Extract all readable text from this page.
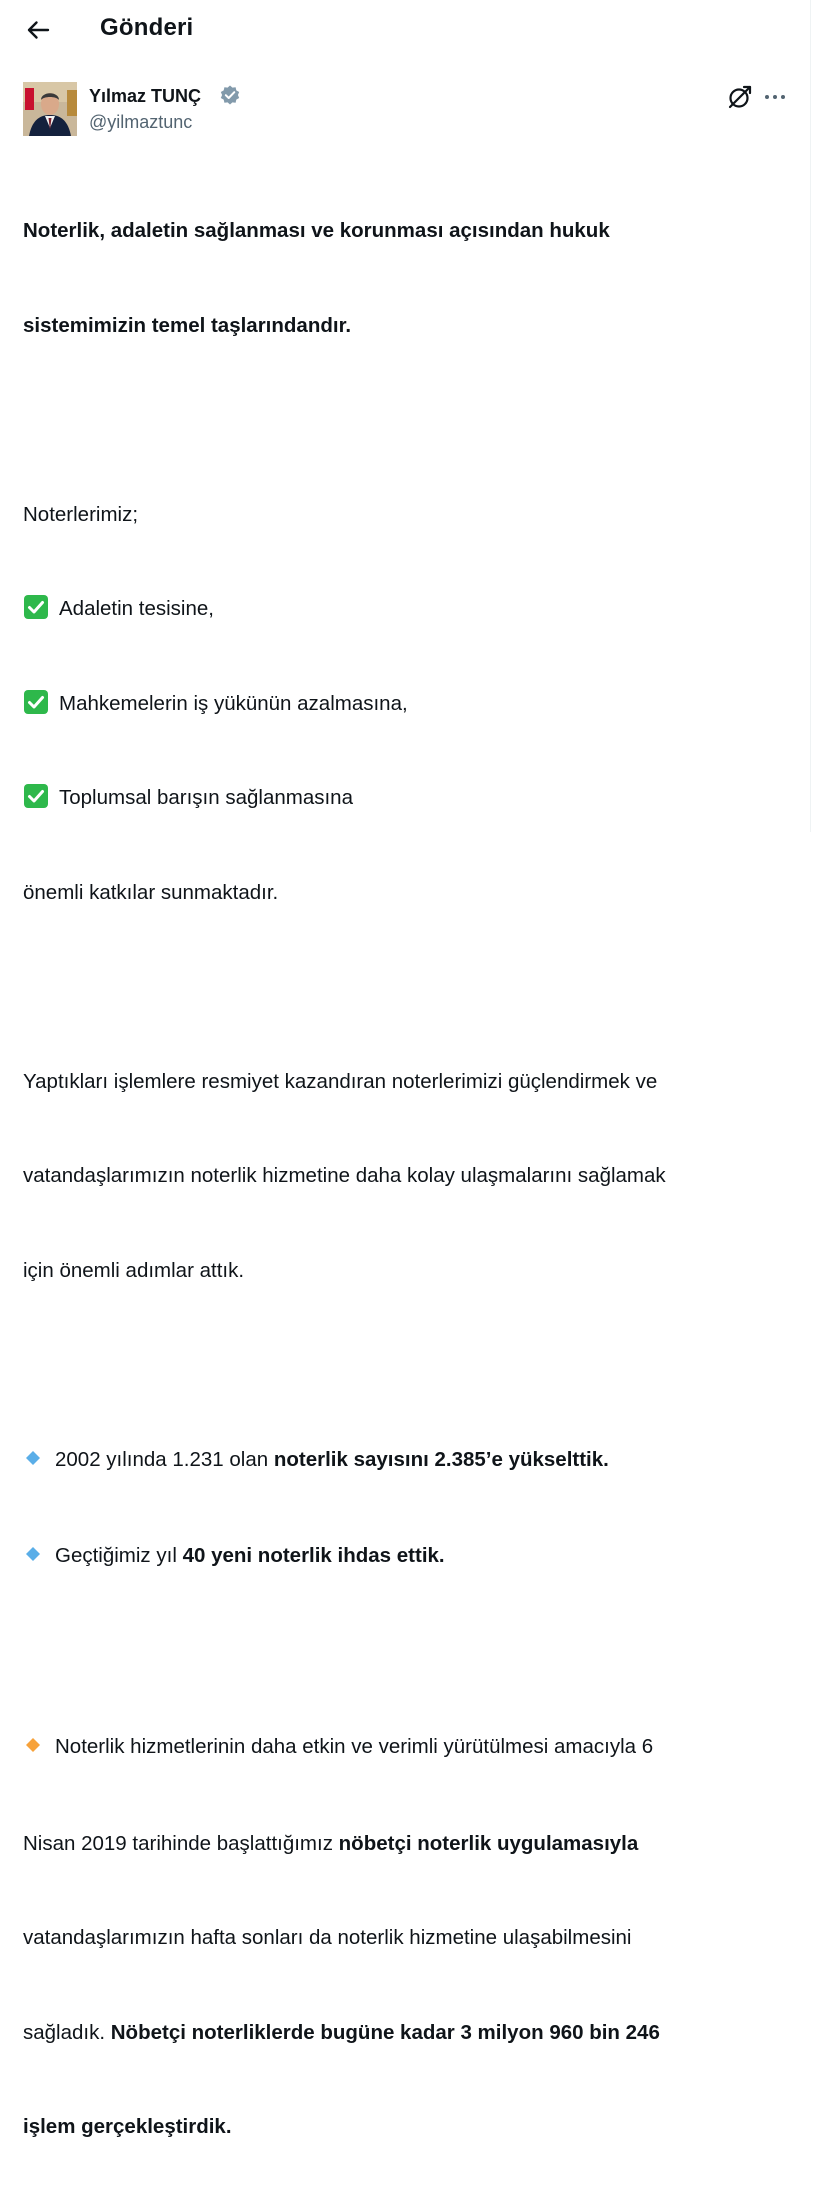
Gönderi
Yılmaz TUNÇ
@yilmaztunc

Noterlik, adaletin sağlanması ve korunması açısından hukuk

sistemimizin temel taşlarındandır.

Noterlerimiz;

Adaletin tesisine,

Mahkemelerin iş yükünün azalmasına,

Toplumsal barışın sağlanmasına

önemli katkılar sunmaktadır.

Yaptıkları işlemlere resmiyet kazandıran noterlerimizi güçlendirmek ve

vatandaşlarımızın noterlik hizmetine daha kolay ulaşmalarını sağlamak

için önemli adımlar attık.

2002 yılında 1.231 olan noterlik sayısını 2.385’e yükselttik.

Geçtiğimiz yıl 40 yeni noterlik ihdas ettik.

Noterlik hizmetlerinin daha etkin ve verimli yürütülmesi amacıyla 6

Nisan 2019 tarihinde başlattığımız nöbetçi noterlik uygulamasıyla

vatandaşlarımızın hafta sonları da noterlik hizmetine ulaşabilmesini

sağladık. Nöbetçi noterliklerde bugüne kadar 3 milyon 960 bin 246

işlem gerçekleştirdik.
